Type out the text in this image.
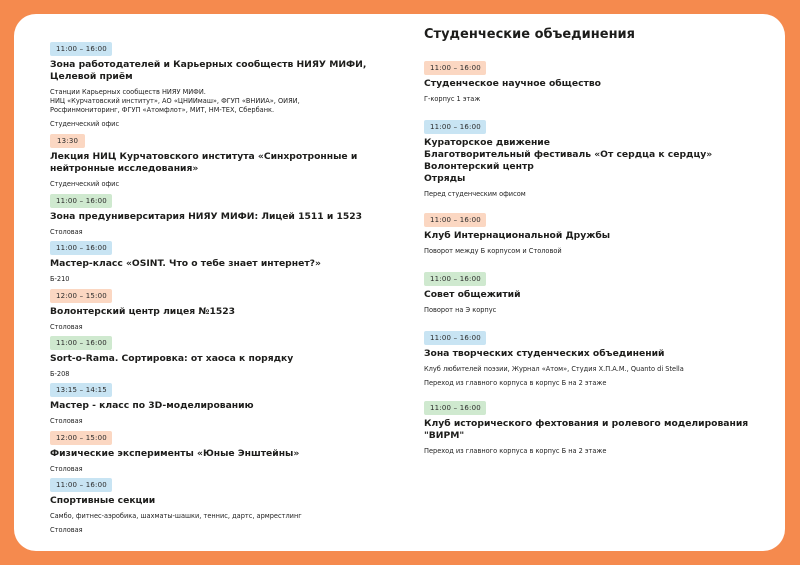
Студенческие объединения
11:00 – 16:00
Зона работодателей и Карьерных сообществ НИЯУ МИФИ, Целевой приём
Станции Карьерных сообществ НИЯУ МИФИ.
НИЦ «Курчатовский институт», АО «ЦНИИмаш», ФГУП «ВНИИА», ОИЯИ,
Росфинмониторинг, ФГУП «Атомфлот», МИТ, НМ-ТЕХ, Сбербанк.
Студенческий офис
13:30
Лекция НИЦ Курчатовского института «Синхротронные и нейтронные исследования»
Студенческий офис
11:00 – 16:00
Зона предуниверситария НИЯУ МИФИ: Лицей 1511 и 1523
Столовая
11:00 – 16:00
Мастер-класс «OSINT. Что о тебе знает интернет?»
Б-210
12:00 – 15:00
Волонтерский центр лицея №1523
Столовая
11:00 – 16:00
Sort-o-Rama. Сортировка: от хаоса к порядку
Б-208
13:15 – 14:15
Мастер - класс по 3D-моделированию
Столовая
12:00 – 15:00
Физические эксперименты «Юные Энштейны»
Столовая
11:00 – 16:00
Спортивные секции
Самбо, фитнес-аэробика, шахматы-шашки, теннис, дартс, армрестлинг
Столовая
11:00 – 16:00
Студенческое научное общество
Г-корпус 1 этаж
11:00 – 16:00
Кураторское движение
Благотворительный фестиваль «От сердца к сердцу»
Волонтерский центр
Отряды
Перед студенческим офисом
11:00 – 16:00
Клуб Интернациональной Дружбы
Поворот между Б корпусом и Столовой
11:00 – 16:00
Совет общежитий
Поворот на Э корпус
11:00 – 16:00
Зона творческих студенческих объединений
Клуб любителей поэзии, Журнал «Атом», Студия Х.П.А.М., Quanto di Stella
Переход из главного корпуса в корпус Б на 2 этаже
11:00 – 16:00
Клуб исторического фехтования и ролевого моделирования "ВИРМ"
Переход из главного корпуса в корпус Б на 2 этаже
